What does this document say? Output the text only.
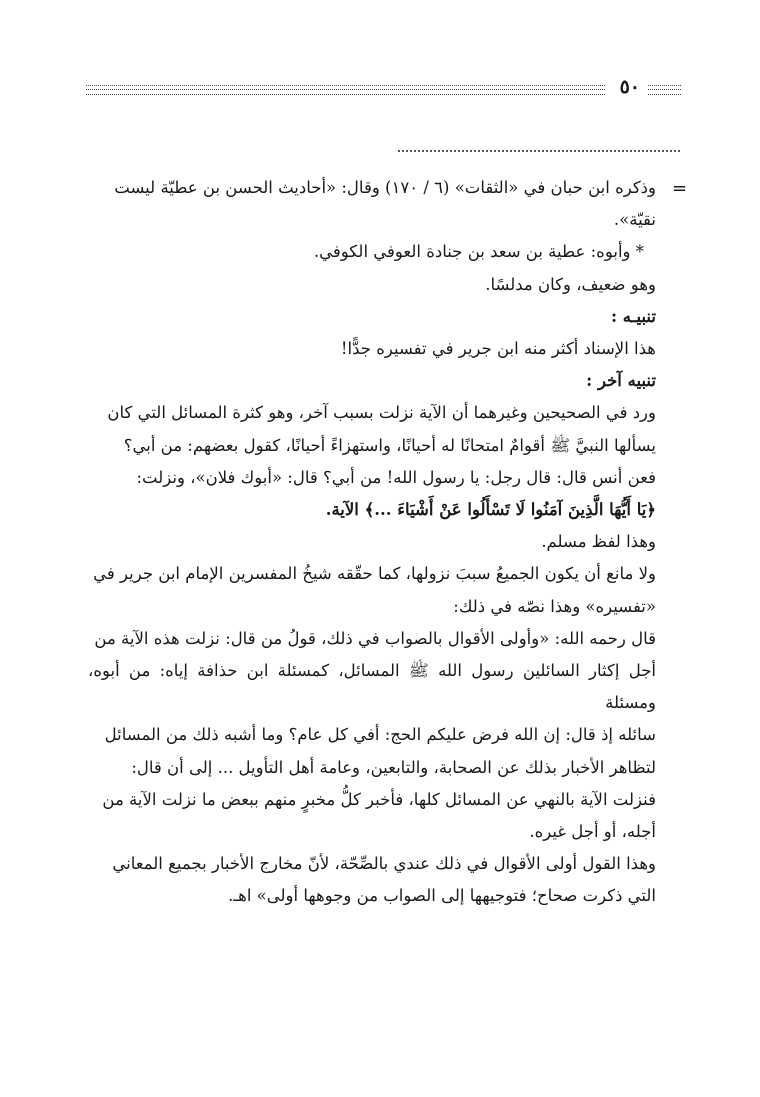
٥٠
=

وذكره ابن حبان في «الثقات» (٦ / ١٧٠) وقال: «أحاديث الحسن بن عطيّة ليست

نقيّة».

* وأبوه: عطية بن سعد بن جنادة العوفي الكوفي.

وهو ضعيف، وكان مدلسًا.

تنبيـه :

هذا الإسناد أكثر منه ابن جرير في تفسيره جدًّا!

تنبيه آخر :

ورد في الصحيحين وغيرهما أن الآية نزلت بسبب آخر، وهو كثرة المسائل التي كان

يسألها النبيَّ ﷺ أقوامٌ امتحانًا له أحيانًا، واستهزاءً أحيانًا، كقول بعضهم: من أبي؟

فعن أنس قال: قال رجل: يا رسول الله! من أبي؟ قال: «أبوك فلان»، ونزلت:

﴿يَا أَيُّهَا الَّذِينَ آمَنُوا لَا تَسْأَلُوا عَنْ أَشْيَاءَ ...﴾ الآية.

وهذا لفظ مسلم.

ولا مانع أن يكون الجميعُ سببَ نزولها، كما حقّقه شيخُ المفسرين الإمام ابن جرير في

«تفسيره» وهذا نصّه في ذلك:

قال رحمه الله: «وأولى الأقوال بالصواب في ذلك، قولُ من قال: نزلت هذه الآية من

أجل إكثار السائلين رسول الله ﷺ المسائل، كمسئلة ابن حذافة إياه: من أبوه، ومسئلة

سائله إذ قال: إن الله فرض عليكم الحج: أفي كل عام؟ وما أشبه ذلك من المسائل

لتظاهر الأخبار بذلك عن الصحابة، والتابعين، وعامة أهل التأويل ... إلى أن قال:

فنزلت الآية بالنهي عن المسائل كلها، فأخبر كلُّ مخبرٍ منهم ببعض ما نزلت الآية من

أجله، أو أجل غيره.

وهذا القول أولى الأقوال في ذلك عندي بالصِّحّة، لأنّ مخارج الأخبار بجميع المعاني

التي ذكرت صحاح؛ فتوجيهها إلى الصواب من وجوهها أولى» اهـ.
